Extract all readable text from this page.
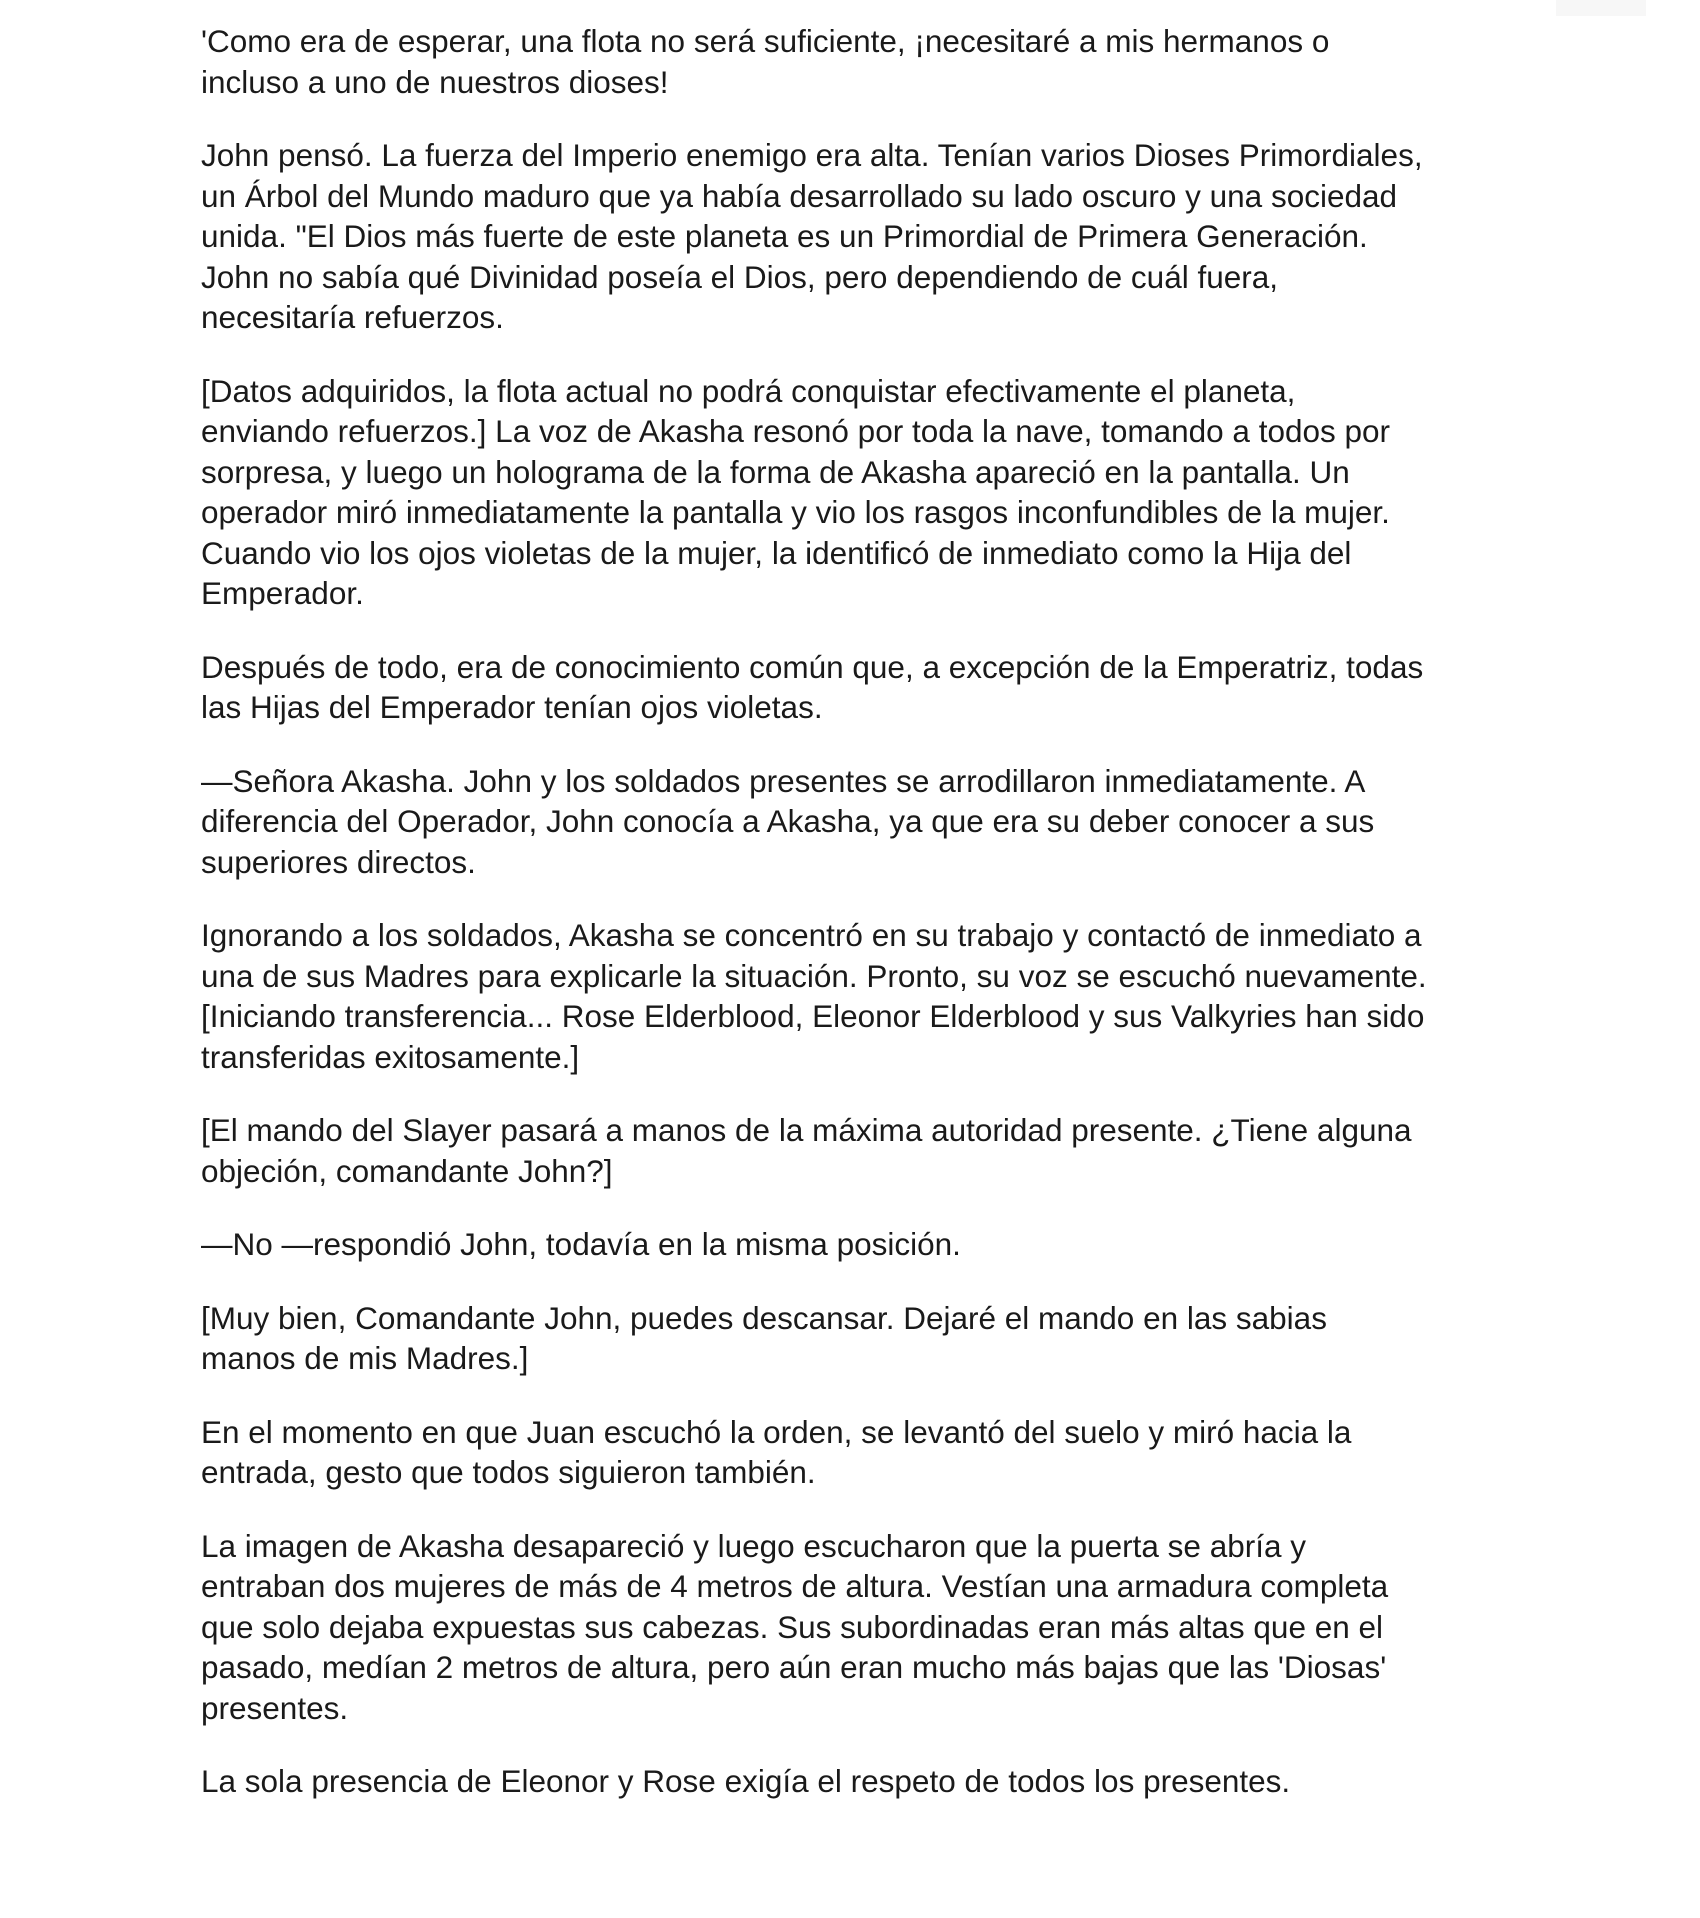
'Como era de esperar, una flota no será suficiente, ¡necesitaré a mis hermanos o
incluso a uno de nuestros dioses!

John pensó. La fuerza del Imperio enemigo era alta. Tenían varios Dioses Primordiales,
un Árbol del Mundo maduro que ya había desarrollado su lado oscuro y una sociedad
unida. "El Dios más fuerte de este planeta es un Primordial de Primera Generación.
John no sabía qué Divinidad poseía el Dios, pero dependiendo de cuál fuera,
necesitaría refuerzos.

[Datos adquiridos, la flota actual no podrá conquistar efectivamente el planeta,
enviando refuerzos.] La voz de Akasha resonó por toda la nave, tomando a todos por
sorpresa, y luego un holograma de la forma de Akasha apareció en la pantalla. Un
operador miró inmediatamente la pantalla y vio los rasgos inconfundibles de la mujer.
Cuando vio los ojos violetas de la mujer, la identificó de inmediato como la Hija del
Emperador.

Después de todo, era de conocimiento común que, a excepción de la Emperatriz, todas
las Hijas del Emperador tenían ojos violetas.

—Señora Akasha. John y los soldados presentes se arrodillaron inmediatamente. A
diferencia del Operador, John conocía a Akasha, ya que era su deber conocer a sus
superiores directos.

Ignorando a los soldados, Akasha se concentró en su trabajo y contactó de inmediato a
una de sus Madres para explicarle la situación. Pronto, su voz se escuchó nuevamente.
[Iniciando transferencia... Rose Elderblood, Eleonor Elderblood y sus Valkyries han sido
transferidas exitosamente.]

[El mando del Slayer pasará a manos de la máxima autoridad presente. ¿Tiene alguna
objeción, comandante John?]

—No —respondió John, todavía en la misma posición.

[Muy bien, Comandante John, puedes descansar. Dejaré el mando en las sabias
manos de mis Madres.]

En el momento en que Juan escuchó la orden, se levantó del suelo y miró hacia la
entrada, gesto que todos siguieron también.

La imagen de Akasha desapareció y luego escucharon que la puerta se abría y
entraban dos mujeres de más de 4 metros de altura. Vestían una armadura completa
que solo dejaba expuestas sus cabezas. Sus subordinadas eran más altas que en el
pasado, medían 2 metros de altura, pero aún eran mucho más bajas que las 'Diosas'
presentes.

La sola presencia de Eleonor y Rose exigía el respeto de todos los presentes.
